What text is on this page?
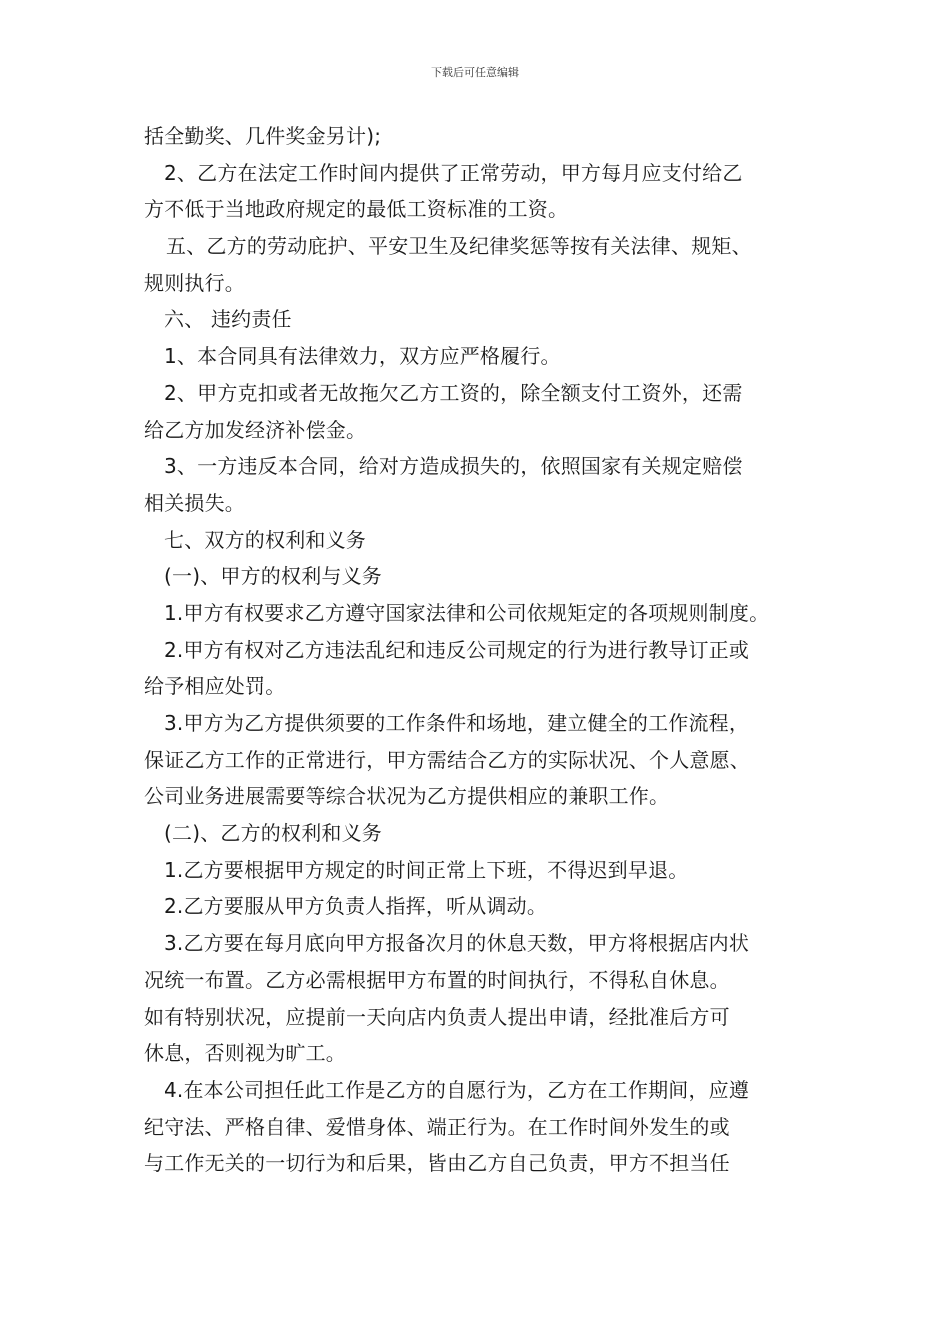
下载后可任意编辑
括全勤奖、几件奖金另计);
2、乙方在法定工作时间内提供了正常劳动，甲方每月应支付给乙
方不低于当地政府规定的最低工资标准的工资。
五、乙方的劳动庇护、平安卫生及纪律奖惩等按有关法律、规矩、
规则执行。
六、 违约责任
1、本合同具有法律效力，双方应严格履行。
2、甲方克扣或者无故拖欠乙方工资的，除全额支付工资外，还需
给乙方加发经济补偿金。
3、一方违反本合同，给对方造成损失的，依照国家有关规定赔偿
相关损失。
七、双方的权利和义务
(一)、甲方的权利与义务
1.甲方有权要求乙方遵守国家法律和公司依规矩定的各项规则制度。
2.甲方有权对乙方违法乱纪和违反公司规定的行为进行教导订正或
给予相应处罚。
3.甲方为乙方提供须要的工作条件和场地，建立健全的工作流程，
保证乙方工作的正常进行，甲方需结合乙方的实际状况、个人意愿、
公司业务进展需要等综合状况为乙方提供相应的兼职工作。
(二)、乙方的权利和义务
1.乙方要根据甲方规定的时间正常上下班，不得迟到早退。
2.乙方要服从甲方负责人指挥，听从调动。
3.乙方要在每月底向甲方报备次月的休息天数，甲方将根据店内状
况统一布置。乙方必需根据甲方布置的时间执行，不得私自休息。
如有特别状况，应提前一天向店内负责人提出申请，经批准后方可
休息，否则视为旷工。
4.在本公司担任此工作是乙方的自愿行为，乙方在工作期间，应遵
纪守法、严格自律、爱惜身体、端正行为。在工作时间外发生的或
与工作无关的一切行为和后果，皆由乙方自己负责，甲方不担当任
